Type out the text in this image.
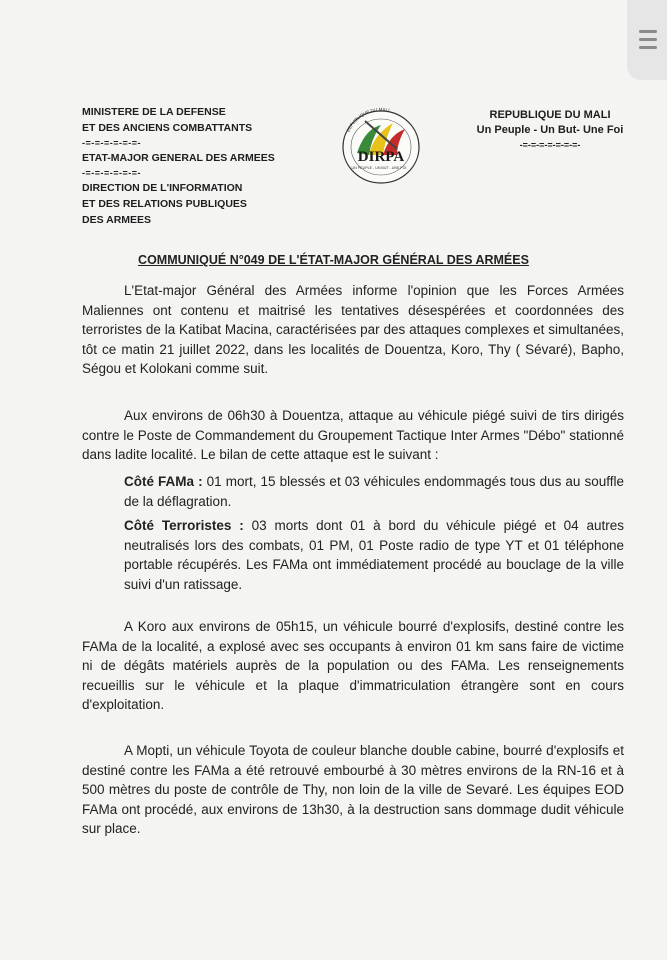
MINISTERE DE LA DEFENSE
ET DES ANCIENS COMBATTANTS
-=-=-=-=-=-=-
ETAT-MAJOR GENERAL DES ARMEES
-=-=-=-=-=-=-
DIRECTION DE L'INFORMATION
ET DES RELATIONS PUBLIQUES
DES ARMEES
DIRPA
REPUBLIQUE DU MALI
UN PEUPLE - UN BUT - UNE FOI
REPUBLIQUE DU MALI
Un Peuple - Un But- Une Foi
-=-=-=-=-=-=-=-
COMMUNIQUÉ N°049 DE L'ÉTAT-MAJOR GÉNÉRAL DES ARMÉES
L'Etat-major Général des Armées informe l'opinion que les Forces Armées Maliennes ont contenu et maitrisé les tentatives désespérées et coordonnées des terroristes de la Katibat Macina, caractérisées par des attaques complexes et simultanées, tôt ce matin 21 juillet 2022, dans les localités de Douentza, Koro, Thy ( Sévaré), Bapho, Ségou et Kolokani comme suit.
Aux environs de 06h30 à Douentza, attaque au véhicule piégé suivi de tirs dirigés contre le Poste de Commandement du Groupement Tactique Inter Armes "Débo" stationné dans ladite localité. Le bilan de cette attaque est le suivant :
Côté FAMa : 01 mort, 15 blessés et 03 véhicules endommagés tous dus au souffle de la déflagration.
Côté Terroristes : 03 morts dont 01 à bord du véhicule piégé et 04 autres neutralisés lors des combats, 01 PM, 01 Poste radio de type YT et 01 téléphone portable récupérés. Les FAMa ont immédiatement procédé au bouclage de la ville suivi d'un ratissage.
A Koro aux environs de 05h15, un véhicule bourré d'explosifs, destiné contre les FAMa de la localité, a explosé avec ses occupants à environ 01 km sans faire de victime ni de dégâts matériels auprès de la population ou des FAMa. Les renseignements recueillis sur le véhicule et la plaque d'immatriculation étrangère sont en cours d'exploitation.
A Mopti, un véhicule Toyota de couleur blanche double cabine, bourré d'explosifs et destiné contre les FAMa a été retrouvé embourbé à 30 mètres environs de la RN-16 et à 500 mètres du poste de contrôle de Thy, non loin de la ville de Sevaré. Les équipes EOD FAMa ont procédé, aux environs de 13h30, à la destruction sans dommage dudit véhicule sur place.
